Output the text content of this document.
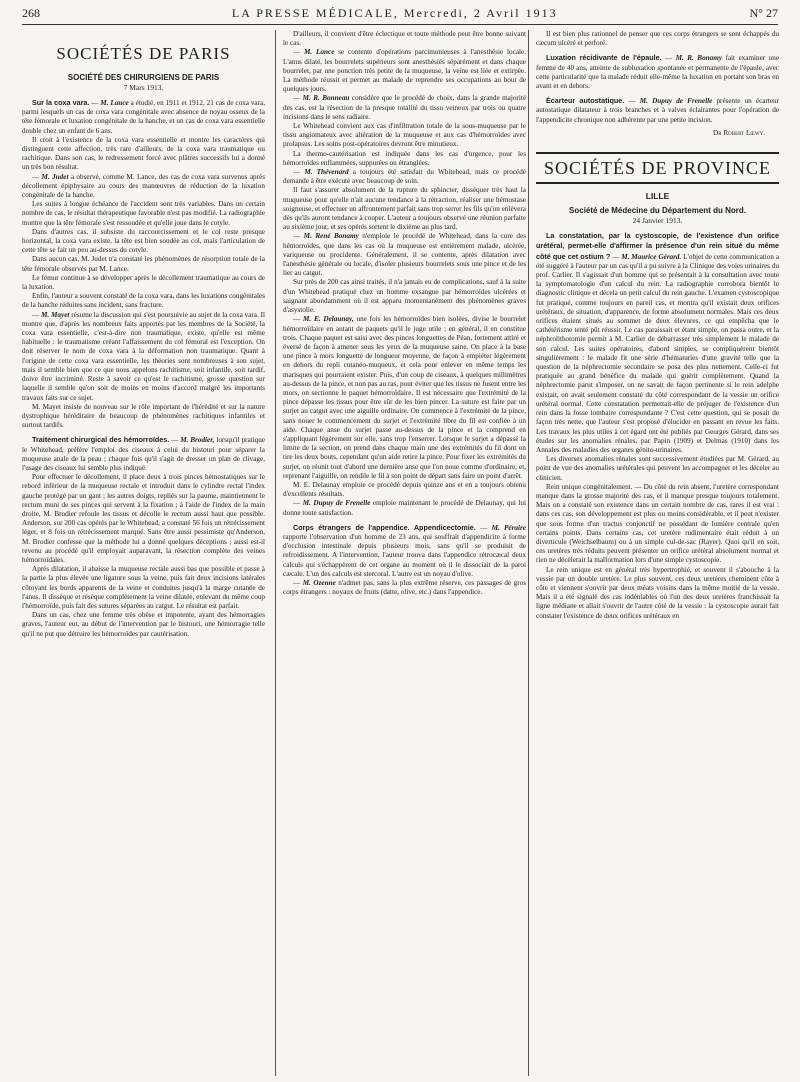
268	LA PRESSE MÉDICALE, Mercredi, 2 Avril 1913	N° 27
SOCIÉTÉS DE PARIS
SOCIÉTÉ DES CHIRURGIENS DE PARIS
7 Mars 1913.

Sur la coxa vara. — M. Lance a étudié, en 1911 et 1912, 21 cas de coxa vara, parmi lesquels un cas de coxa vara congénitale avec absence de noyau osseux de la tête fémorale et luxation congénitale de la hanche, et un cas de coxa vara essentielle double chez un enfant de 6 ans.

Il croit à l'existence de la coxa vara essentielle et montre les caractères qui distinguent cette affection, très rare d'ailleurs, de la coxa vara traumatique ou rachitique. Dans son cas, le redressement forcé avec plâtres successifs lui a donné un très bon résultat.

— M. Judet a observé, comme M. Lance, des cas de coxa vara survenus après décollement épiphysaire au cours des manœuvres de réduction de la luxation congénitale de la hanche.

Les suites à longue échéance de l'accident sont très variables. Dans un certain nombre de cas, le résultat thérapeutique favorable n'est pas modifié. La radiographie montre que la tête fémorale s'est ressoudée et qu'elle joue dans le cotyle.

Dans d'autres cas, il subsiste du raccourcissement et le col reste presque horizontal, la coxa vara existe, la tête est bien soudée au col, mais l'articulation de cette tête se fait un peu au-dessus du cotyle.

Dans aucun cas, M. Judet n'a constaté les phénomènes de résorption totale de la tête fémorale observés par M. Lance.

Le fémur continue à se développer après le décollement traumatique au cours de la luxation.

Enfin, l'auteur a souvent constaté de la coxa vara, dans les luxations congénitales de la hanche réduites sans incident, sans fracture.

— M. Mayet résume la discussion qui s'est poursuivie au sujet de la coxa vara. Il montre que, d'après les nombreux faits apportés par les membres de la Société, la coxa vara essentielle, c'est-à-dire non traumatique, existe, qu'elle est même habituelle : le traumatisme créant l'affaissement du col fémoral est l'exception. On doit réserver le nom de coxa vara à la déformation non traumatique. Quant à l'origine de cette coxa vara essentielle, les théories sont nombreuses à son sujet, mais il semble bien que ce que nous appelons rachitisme, soit infantile, soit tardif, doive être incriminé. Reste à savoir ce qu'est le rachitisme, grosse question sur laquelle il semble qu'on soit de moins en moins d'accord malgré les importants travaux faits sur ce sujet.

M. Mayet insiste de nouveau sur le rôle important de l'hérédité et sur la nature dystrophique héréditaire de beaucoup de phénomènes rachitiques infantiles et surtout tardifs.

Traitement chirurgical des hémorroïdes. — M. Brodier, lorsqu'il pratique le Whitehead, préfère l'emploi des ciseaux à celui du bistouri pour séparer la muqueuse anale de la peau ; chaque fois qu'il s'agit de dresser un plan de clivage, l'usage des ciseaux lui semble plus indiqué.

Pour effectuer le décollement, il place deux à trois pinces hémostatiques sur le rebord inférieur de la muqueuse rectale et introduit dans le cylindre rectal l'index gauche protégé par un gant ; les autres doigts, repliés sur la paume, maintiennent le rectum muni de ses pinces qui servent à la fixation ; à l'aide de l'index de la main droite, M. Brodier refoule les tissus et décolle le rectum aussi haut que possible. Anderson, sur 200 cas opérés par le Whitehead, a constaté 56 fois un rétrécissement léger, et 8 fois un rétrécissement marqué. Sans être aussi pessimiste qu'Anderson, M. Brodier confesse que la méthode lui a donné quelques déceptions ; aussi est-il revenu au procédé qu'il employait auparavant, la résection complète des veines hémorroïdales.

Après dilatation, il abaisse la muqueuse rectale aussi bas que possible et passe à la partie la plus élevée une ligature sous la veine, puis fait deux incisions latérales côtoyant les bords apparents de la veine et conduites jusqu'à la marge cutanée de l'anus. Il dissèque et résèque complètement la veine dilatée, enlevant du même coup l'hémorroïde, puis fait des sutures séparées au catgut. Le résultat est parfait.

Dans un cas, chez une femme très obèse et impotente, ayant des hémorragies graves, l'auteur eut, au début de l'intervention par le bistouri, une hémorragie telle qu'il ne put que détruire les hémorroïdes par cautérisation.

D'ailleurs, il convient d'être éclectique et toute méthode peut être bonne suivant le cas.

— M. Lance se contente d'opérations parcimonieuses à l'anesthésie locale. L'anus dilaté, les bourrelets supérieurs sont anesthésiés séparément et dans chaque bourrelet, par une ponction très petite de la muqueuse, la veine est liée et extirpée. La méthode réussit et permet au malade de reprendre ses occupations au bout de quelques jours.

— M. R. Bonneau considère que le procédé de choix, dans la grande majorité des cas, est la résection de la presque totalité du tissu veineux par trois ou quatre incisions dans le sens radiaire.

Le Whitehead convient aux cas d'infiltration totale de la sous-muqueuse par le tissu angiomateux avec altération de la muqueuse et aux cas d'hémorroïdes avec prolapsus. Les soins post-opératoires devront être minutieux.

La thermo-cautérisation est indiquée dans les cas d'urgence, pour les hémorroïdes enflammées, suppurées ou étranglées.

— M. Thévenard a toujours été satisfait du Whitehead, mais ce procédé demande à être exécuté avec beaucoup de soin.

Il faut s'assurer absolument de la rupture du sphincter, disséquer très haut la muqueuse pour qu'elle n'ait aucune tendance à la rétraction, réaliser une hémostase soigneuse, et effectuer un affrontement parfait sans trop serrer les fils qu'on enlèvera dès qu'ils auront tendance à couper. L'auteur a toujours observé une réunion parfaite au sixième jour, et ses opérés sortent le dixième au plus tard.

— M. René Bonamy n'emploie le procédé de Whitehead, dans la cure des hémorroïdes, que dans les cas où la muqueuse est entièrement malade, ulcérée, variqueuse ou procidente. Généralement, il se contente, après dilatation avec l'anesthésie générale ou locale, d'isoler plusieurs bourrelets sous une pince et de les lier au catgut.

Sur près de 200 cas ainsi traités, il n'a jamais eu de complications, sauf à la suite d'un Whitehead pratiqué chez un homme exsangue par hémorroïdes ulcérées et saignant abondamment où il est apparu momentanément des phénomènes graves d'asystolie.

— M. E. Delaunay, une fois les hémorroïdes bien isolées, divise le bourrelet hémorroïdaire en autant de paquets qu'il le juge utile ; en général, il en constitue trois. Chaque paquet est saisi avec des pinces longuettes de Péan, fortement attiré et éversé de façon à amener sous les yeux de la muqueuse saine. On place à la base une pince à mors longuette de longueur moyenne, de façon à empiéter légèrement en dehors du repli cutanéo-muqueux, et cela pour enlever en même temps les marisques qui pourraient exister. Puis, d'un coup de ciseaux, à quelques millimètres au-dessus de la pince, et non pas au ras, pour éviter que les tissus ne fusent entre les mors, on sectionne le paquet hémorroïdaire. Il est nécessaire que l'extrémité de la pince dépasse les tissus pour être sûr de les bien pincer. La suture est faite par un surjet au catgut avec une aiguille ordinaire. On commence à l'extrémité de la pince, sans nouer le commencement du surjet et l'extrémité libre du fil est confiée à un aide. Chaque anse du surjet passe au-dessus de la pince et la comprend en s'appliquant légèrement sur elle, sans trop l'enserrer. Lorsque le surjet a dépassé la limite de la section, on prend dans chaque main une des extrémités du fil dont on tire les deux bouts, cependant qu'un aide retire la pince. Pour fixer les extrémités du surjet, on réunit tout d'abord une dernière anse que l'on noue comme d'ordinaire, et, reprenant l'aiguille, on rendile le fil à son point de départ sans faire un point d'arrêt.

M. E. Delaunay emploie ce procédé depuis quinze ans et en a toujours obtenu d'excellents résultats.

— M. Dupuy de Frenelle emploie maintenant le procédé de Delaunay, qui lui donne toute satisfaction.

Corps étrangers de l'appendice. Appendicectomie. — M. Péraire rapporte l'observation d'un homme de 23 ans, qui souffrait d'appendicite à forme d'occlusion intestinale depuis plusieurs mois, sans qu'il se produisit de refroidissement. A l'intervention, l'auteur trouva dans l'appendice rétrocæcal deux calculs qui s'échappèrent de cet organe au moment où il le dissociait de la paroi cæcale. L'un des calculs est stercoral. L'autre est un noyau d'olive.

— M. Ozenne n'admet pas, sans la plus extrême réserve, ces passages de gros corps étrangers : noyaux de fruits (datte, olive, etc.) dans l'appendice.

Il est bien plus rationnel de penser que ces corps étrangers se sont échappés du cæcum ulcéré et perforé.

Luxation récidivante de l'épaule. — M. R. Bonamy fait examiner une femme de 40 ans, atteinte de subluxation spontanée et permanente de l'épaule, avec cette particularité que la malade réduit elle-même la luxation en portant son bras en avant et en dehors.

Écarteur autostatique. — M. Dupuy de Frenelle présente un écarteur autostatique dilatateur à trois branches et à valves éclairantes pour l'opération de l'appendicite chronique non adhérente par une petite incision.

Dr Robert Lœwy.
SOCIÉTÉS DE PROVINCE
LILLE
Société de Médecine du Département du Nord.
24 Janvier 1913.

La constatation, par la cystoscopie, de l'existence d'un orifice urétéral, permet-elle d'affirmer la présence d'un rein situé du même côté que cet ostium ? — M. Maurice Gérard. L'objet de cette communication a été suggéré à l'auteur par un cas qu'il a pu suivre à la Clinique des voies urinaires du prof. Carlier. Il s'agissait d'un homme qui se présentait à la consultation avec toute la symptomatologie d'un calcul du rein. La radiographie corrobora bientôt le diagnostic clinique et décela un petit calcul du rein gauche. L'examen cystoscopique fut pratiqué, comme toujours en pareil cas, et montra qu'il existait deux orifices urétéraux, de situation, d'apparence, de forme absolument normales. Mais ces deux orifices étaient situés au sommet de deux élevures, ce qui empêcha que le cathétérisme tenté pût réussir. Le cas paraissait et étant simple, on passa outre, et la néphrolithotomie permit à M. Carlier de débarrasser très simplement le malade de son calcul. Les suites opératoires, d'abord simples, se compliquèrent bientôt singulièrement : le malade fit une série d'hématuries d'une gravité telle que la question de la néphrectomie secondaire se posa des plus nettement. Celle-ci fut pratiquée au grand bénéfice du malade qui guérit complètement. Quand la néphrectomie parut s'imposer, on ne savait de façon pertinente si le rein adelphe existait, on avait seulement constaté du côté correspondant de la vessie un orifice urétéral normal. Cette constatation permettait-elle de préjuger de l'existence d'un rein dans la fosse lombaire correspondante ? C'est cette question, qui se posait de façon très nette, que l'auteur s'est proposé d'élucider en passant en revue les faits. Les travaux les plus utiles à cet égard ont été publiés par Georges Gérard, dans ses études sur les anomalies rénales, par Papin (1909) et Delmas (1910) dans les Annales des maladies des organes génito-urinaires.

Les diverses anomalies rénales sont successivement étudiées par M. Gérard, au point de vue des anomalies urétérales qui peuvent les accompagner et les déceler au clinicien.

Rein unique congénitalement. — Du côté du rein absent, l'uretère correspondant manque dans la grosse majorité des cas, et il manque presque toujours totalement. Mais on a constaté son existence dans un certain nombre de cas, rares il est vrai : dans ces cas, son développement est plus ou moins considérable, et il peut n'exister que sous forme d'un tractus conjonctif ne possédant de lumière centrale qu'en certains points. Dans certains cas, cet uretère rudimentaire était réduit à un diverticule (Weichselbaum) ou à un simple cul-de-sac (Rayer). Quoi qu'il en soit, ces uretères très réduits peuvent présenter un orifice urétéral absolument normal et rien ne décèlerait la malformation lors d'une simple cystoscopie.

Le rein unique est en général très hypertrophié, et souvent il s'abouche à la vessie par un double uretère. Le plus souvent, ces deux uretères cheminent côte à côte et viennent s'ouvrir par deux méats voisins dans la même moitié de la vessie. Mais il a été signalé des cas indéniables où l'un des deux uretères franchissait la ligne médiane et allait s'ouvrir de l'autre côté de la vessie : la cystoscopie aurait fait constater l'existence de deux orifices urétéraux en
